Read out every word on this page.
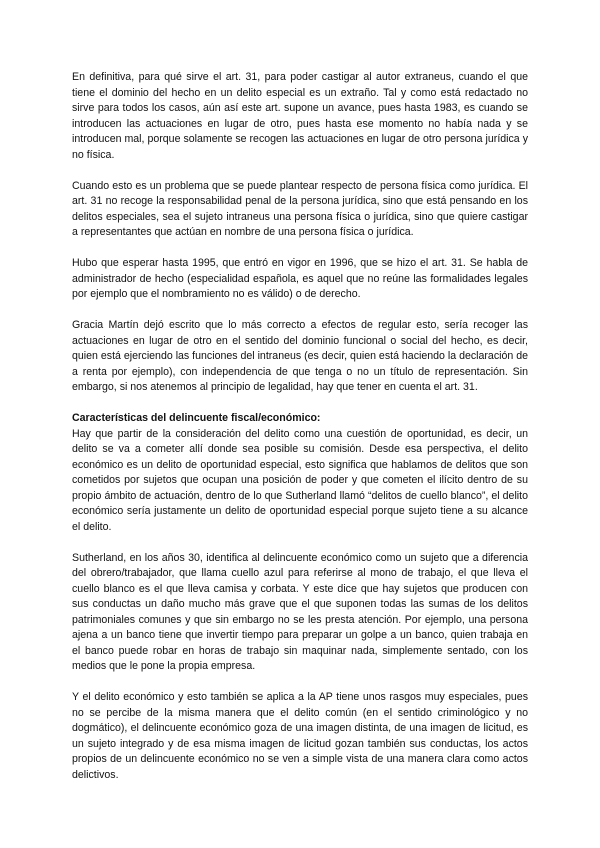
En definitiva, para qué sirve el art. 31, para poder castigar al autor extraneus, cuando el que tiene el dominio del hecho en un delito especial es un extraño. Tal y como está redactado no sirve para todos los casos, aún así este art. supone un avance, pues hasta 1983, es cuando se introducen las actuaciones en lugar de otro, pues hasta ese momento no había nada y se introducen mal, porque solamente se recogen las actuaciones en lugar de otro persona jurídica y no física.

Cuando esto es un problema que se puede plantear respecto de persona física como jurídica. El art. 31 no recoge la responsabilidad penal de la persona jurídica, sino que está pensando en los delitos especiales, sea el sujeto intraneus una persona física o jurídica, sino que quiere castigar a representantes que actúan en nombre de una persona física o jurídica.

Hubo que esperar hasta 1995, que entró en vigor en 1996, que se hizo el art. 31. Se habla de administrador de hecho (especialidad española, es aquel que no reúne las formalidades legales por ejemplo que el nombramiento no es válido) o de derecho.

Gracia Martín dejó escrito que lo más correcto a efectos de regular esto, sería recoger las actuaciones en lugar de otro en el sentido del dominio funcional o social del hecho, es decir, quien está ejerciendo las funciones del intraneus (es decir, quien está haciendo la declaración de a renta por ejemplo), con independencia de que tenga o no un título de representación. Sin embargo, si nos atenemos al principio de legalidad, hay que tener en cuenta el art. 31.

Características del delincuente fiscal/económico:

Hay que partir de la consideración del delito como una cuestión de oportunidad, es decir, un delito se va a cometer allí donde sea posible su comisión. Desde esa perspectiva, el delito económico es un delito de oportunidad especial, esto significa que hablamos de delitos que son cometidos por sujetos que ocupan una posición de poder y que cometen el ilícito dentro de su propio ámbito de actuación, dentro de lo que Sutherland llamó “delitos de cuello blanco”, el delito económico sería justamente un delito de oportunidad especial porque sujeto tiene a su alcance el delito.

Sutherland, en los años 30, identifica al delincuente económico como un sujeto que a diferencia del obrero/trabajador, que llama cuello azul para referirse al mono de trabajo, el que lleva el cuello blanco es el que lleva camisa y corbata. Y este dice que hay sujetos que producen con sus conductas un daño mucho más grave que el que suponen todas las sumas de los delitos patrimoniales comunes y que sin embargo no se les presta atención. Por ejemplo, una persona ajena a un banco tiene que invertir tiempo para preparar un golpe a un banco, quien trabaja en el banco puede robar en horas de trabajo sin maquinar nada, simplemente sentado, con los medios que le pone la propia empresa.

Y el delito económico y esto también se aplica a la AP tiene unos rasgos muy especiales, pues no se percibe de la misma manera que el delito común (en el sentido criminológico y no dogmático), el delincuente económico goza de una imagen distinta, de una imagen de licitud, es un sujeto integrado y de esa misma imagen de licitud gozan también sus conductas, los actos propios de un delincuente económico no se ven a simple vista de una manera clara como actos delictivos.
